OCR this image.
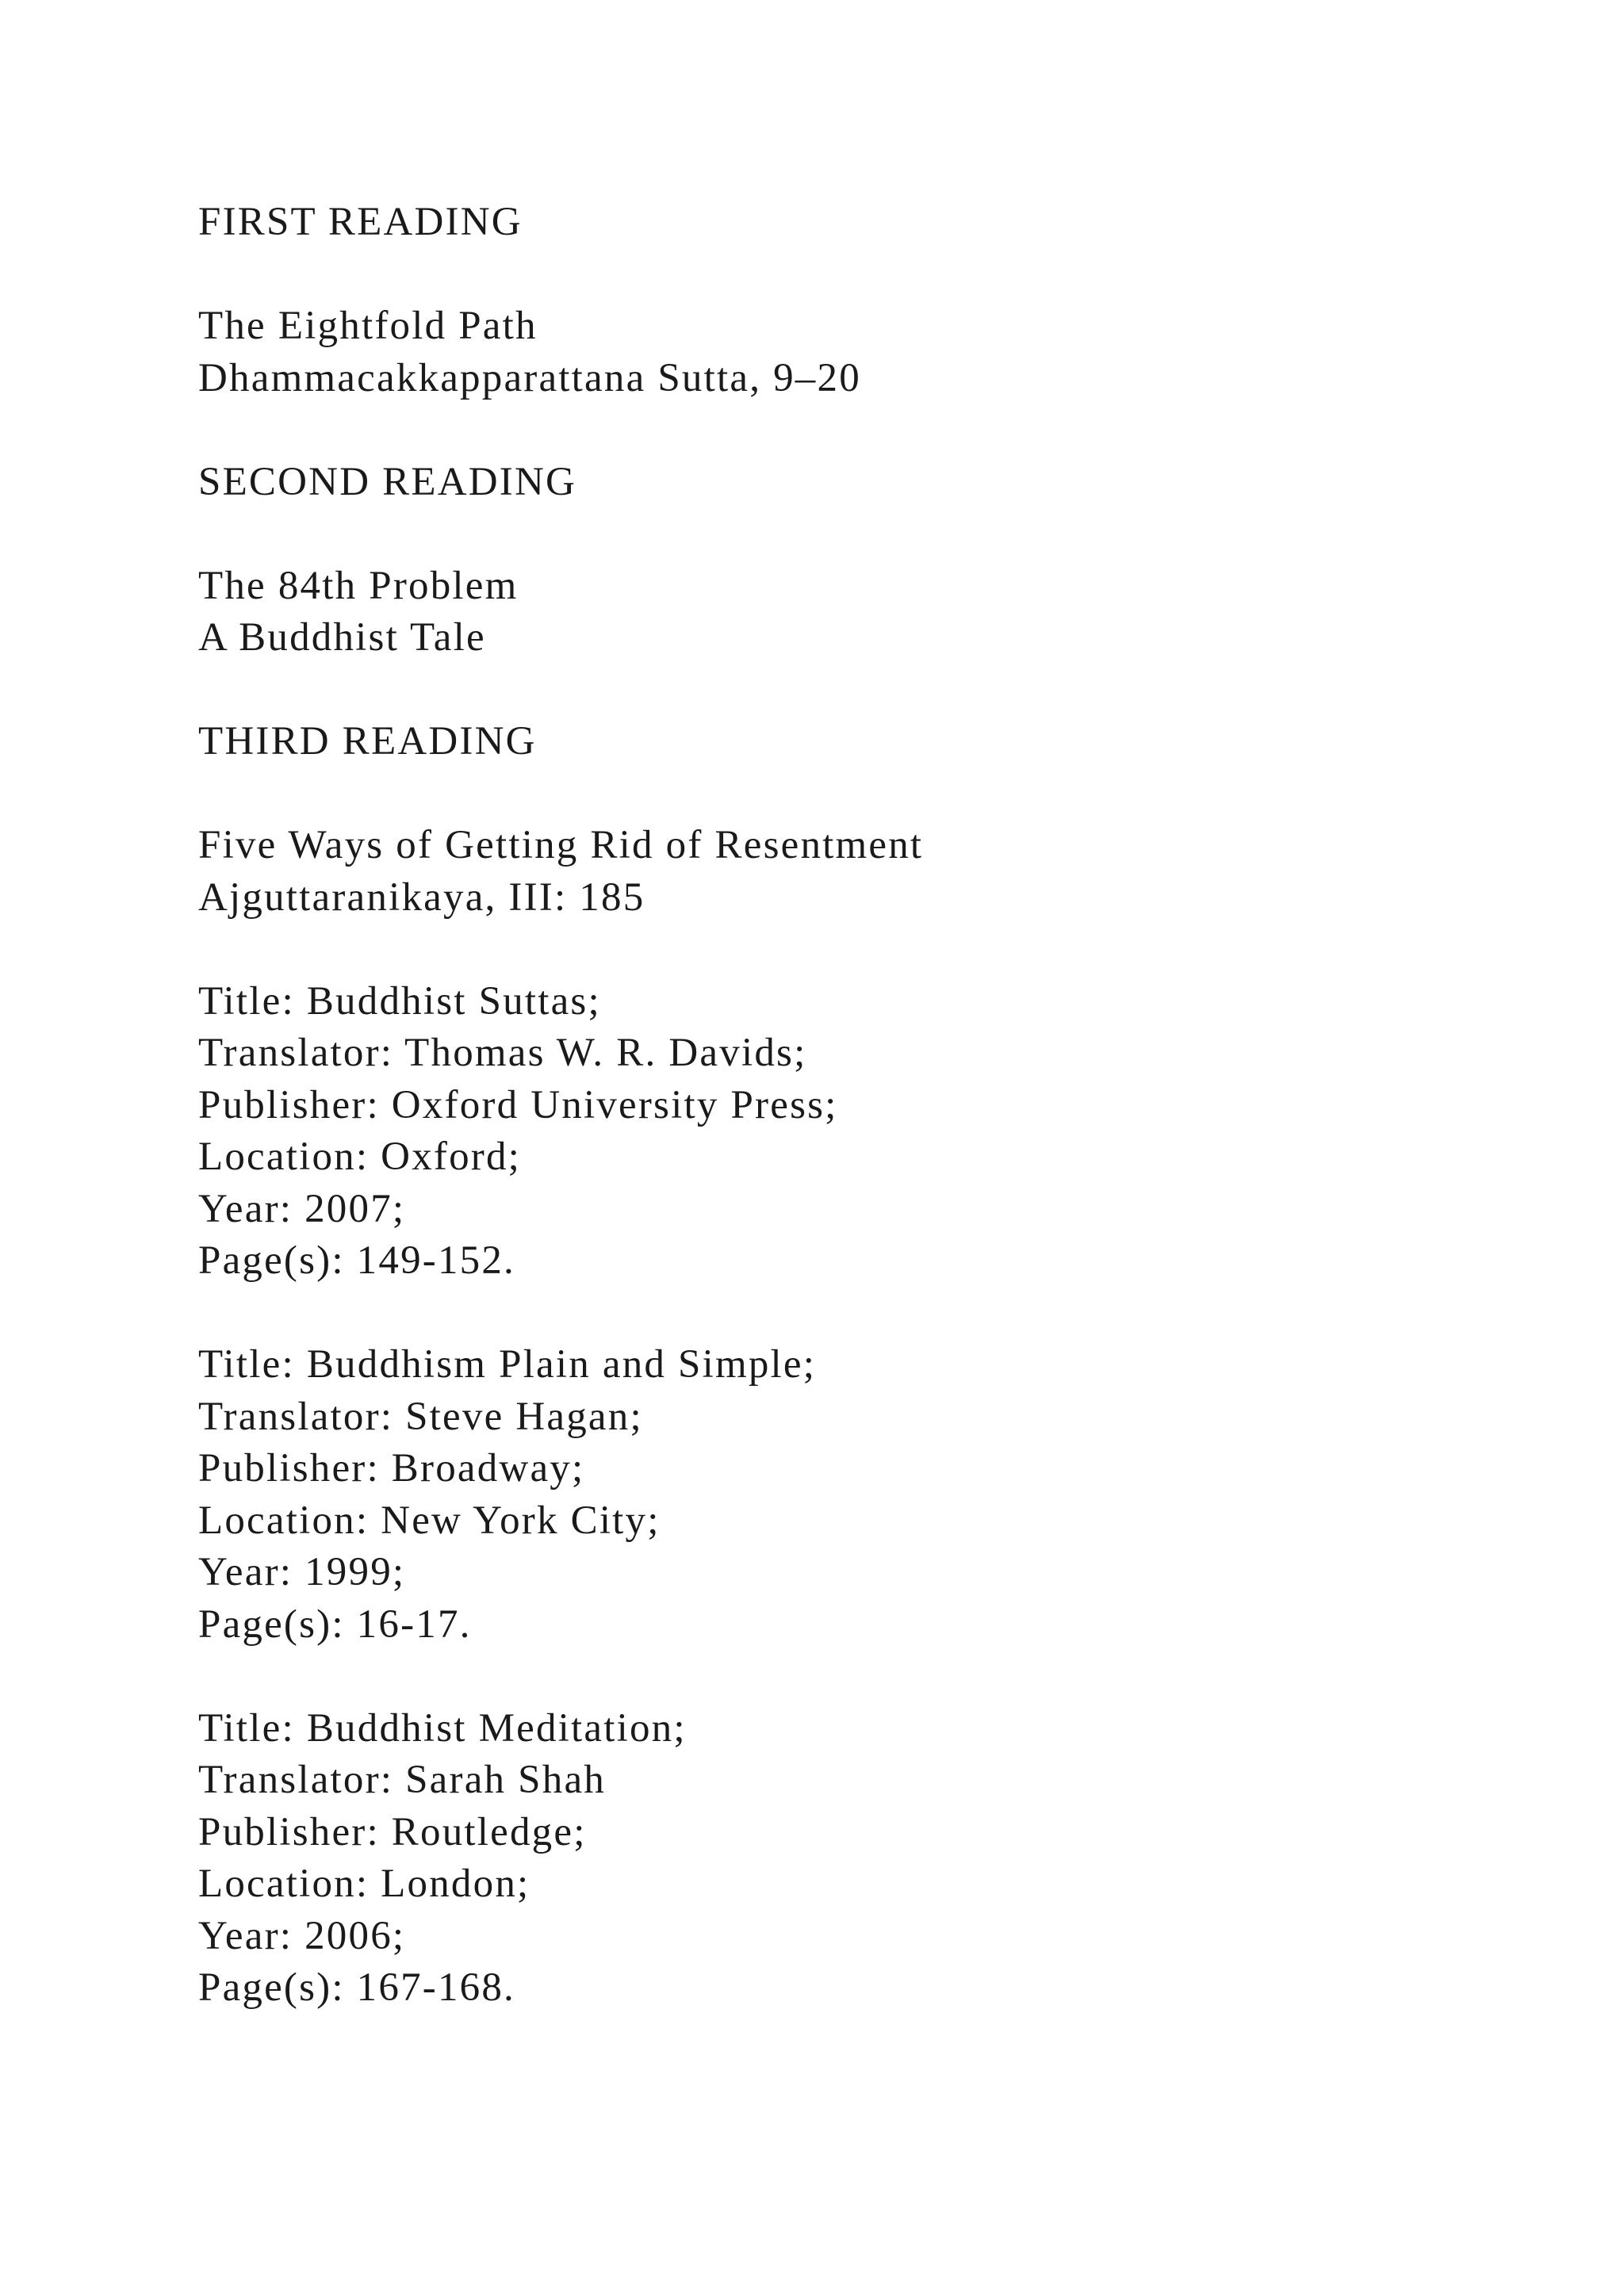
FIRST READING
The Eightfold Path
Dhammacakkapparattana Sutta, 9–20
SECOND READING
The 84th Problem
A Buddhist Tale
THIRD READING
Five Ways of Getting Rid of Resentment
Ajguttaranikaya, III: 185
Title: Buddhist Suttas;
Translator: Thomas W. R. Davids;
Publisher: Oxford University Press;
Location: Oxford;
Year: 2007;
Page(s): 149-152.
Title: Buddhism Plain and Simple;
Translator: Steve Hagan;
Publisher: Broadway;
Location: New York City;
Year: 1999;
Page(s): 16-17.
Title: Buddhist Meditation;
Translator: Sarah Shah
Publisher: Routledge;
Location: London;
Year: 2006;
Page(s): 167-168.
